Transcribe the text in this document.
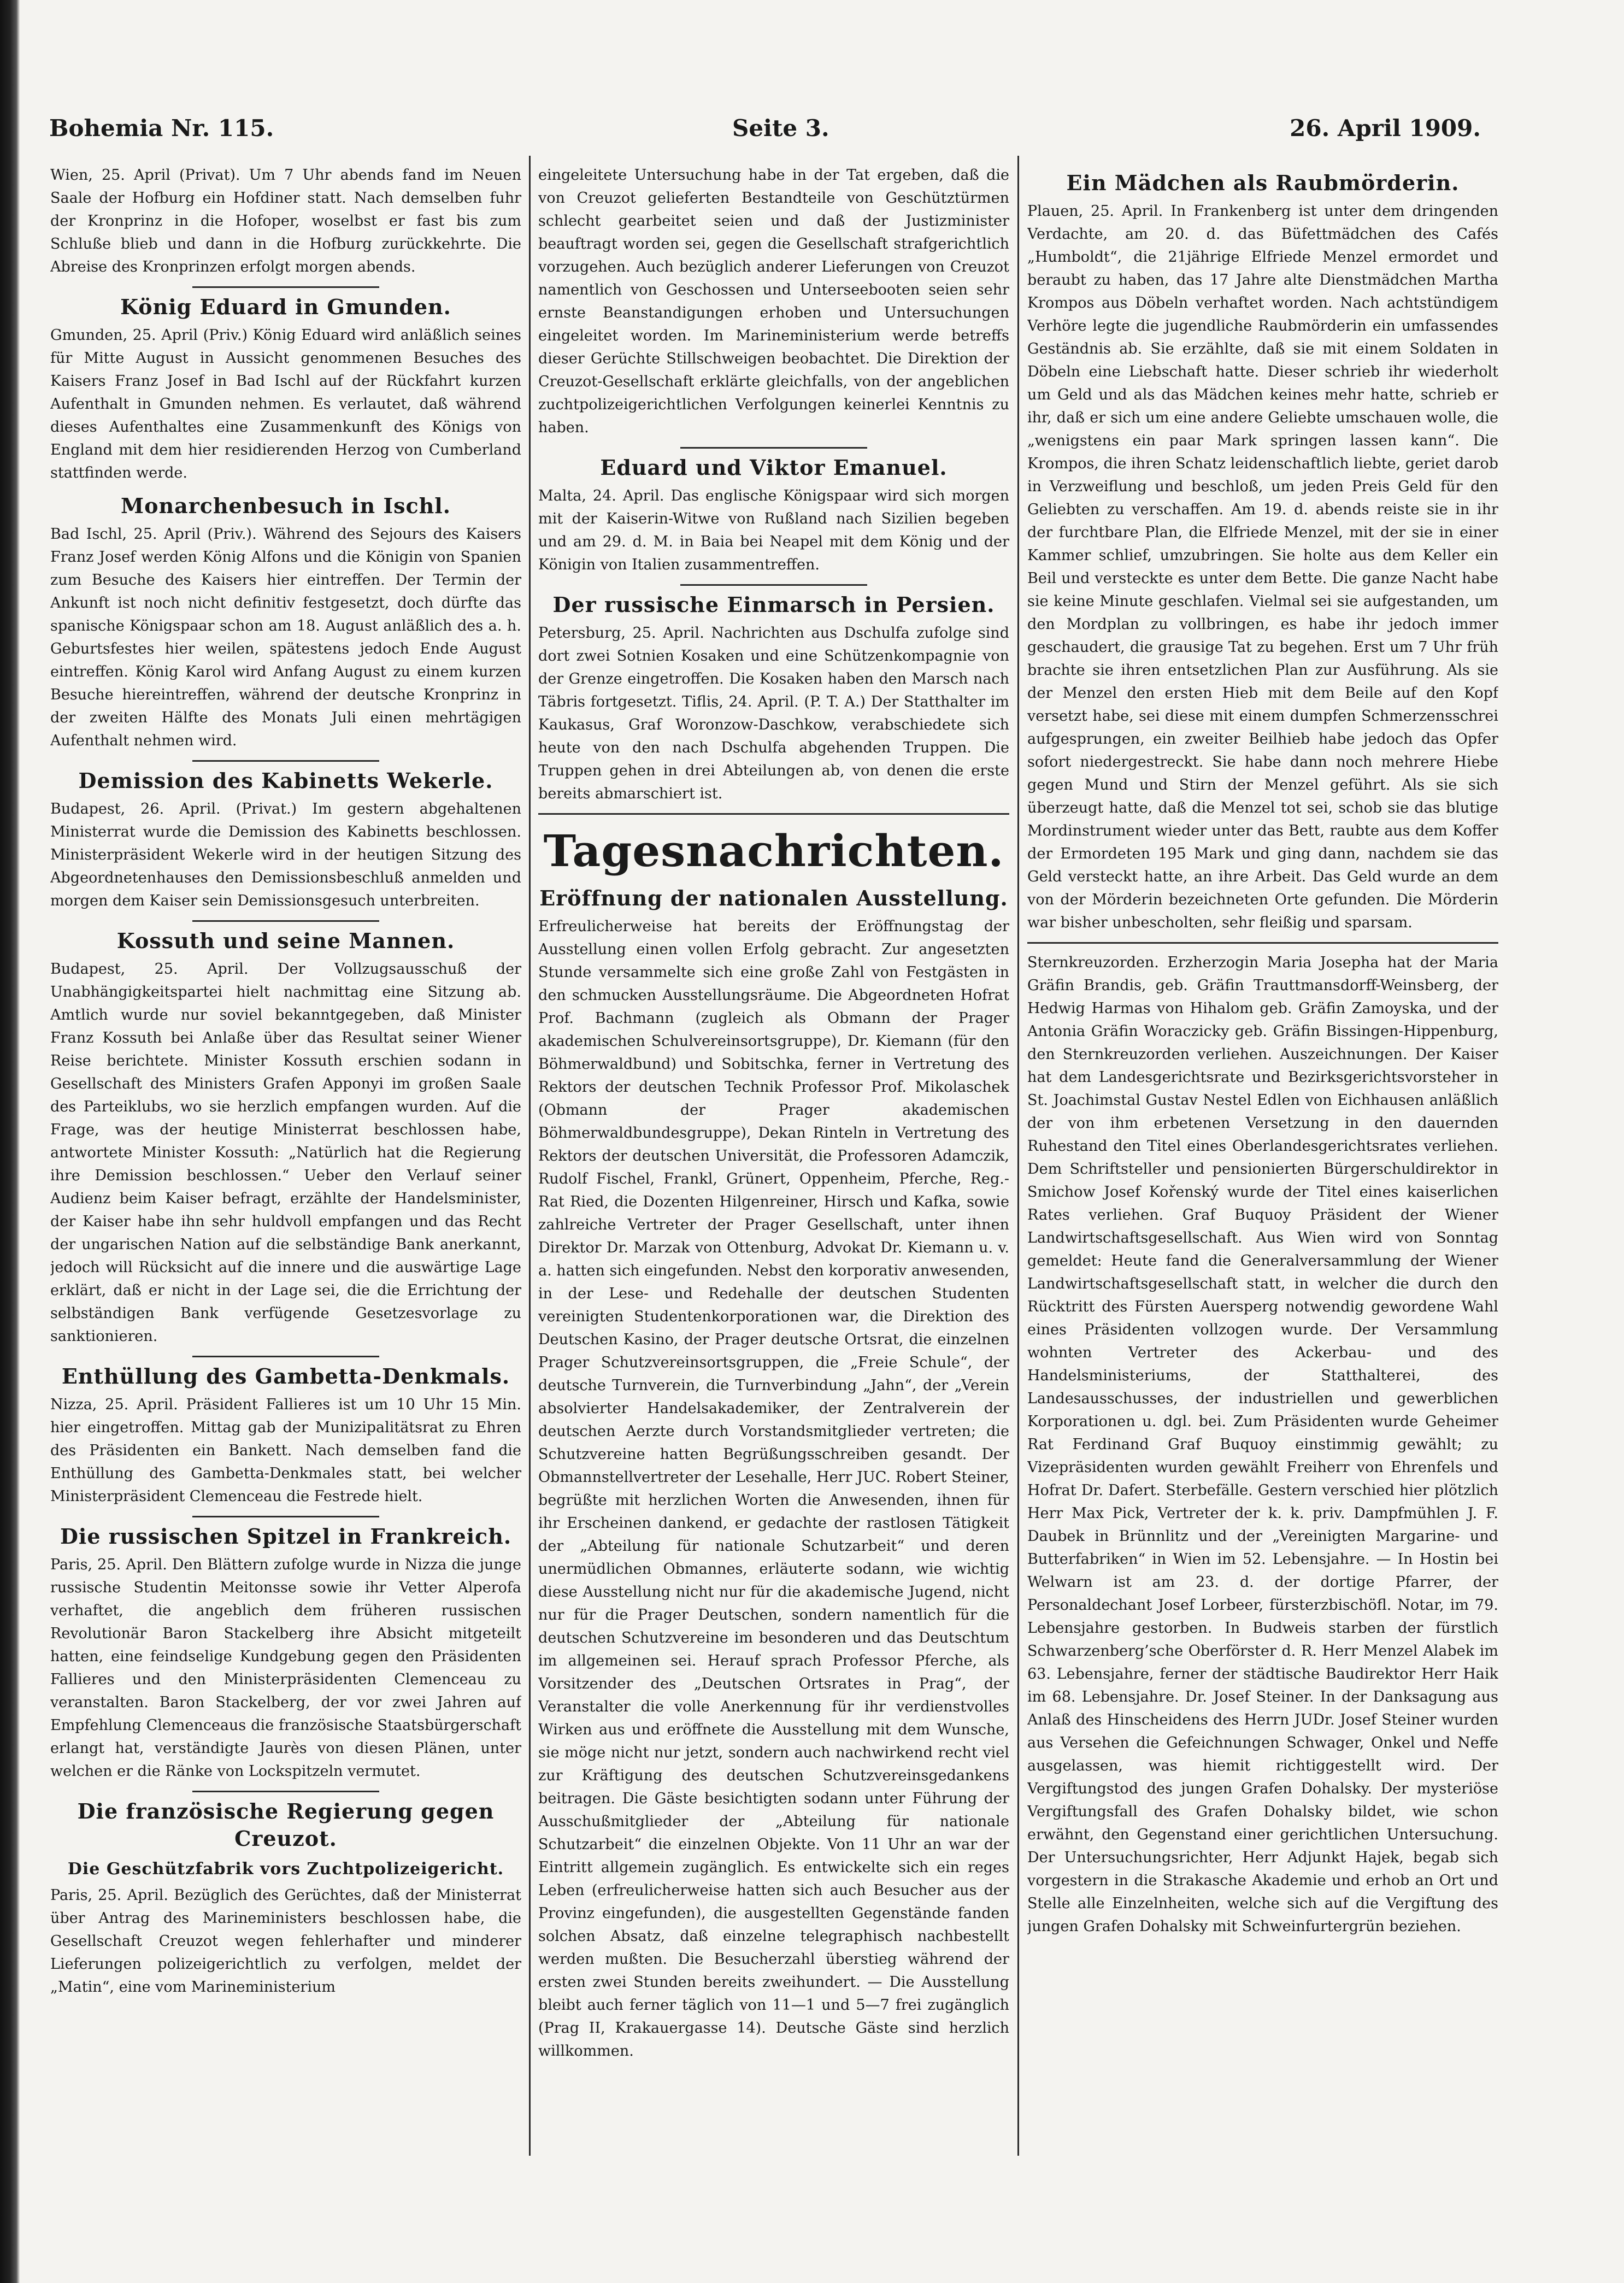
Bohemia Nr. 115.	Seite 3.	26. April 1909.

Wien, 25. April (Privat). Um 7 Uhr abends fand im Neuen Saale der Hofburg ein Hofdiner statt. Nach demselben fuhr der Kronprinz in die Hofoper, woselbst er fast bis zum Schluße blieb und dann in die Hofburg zurückkehrte. Die Abreise des Kronprinzen erfolgt morgen abends.

König Eduard in Gmunden.

Gmunden, 25. April (Priv.) König Eduard wird anläßlich seines für Mitte August in Aussicht genommenen Besuches des Kaisers Franz Josef in Bad Ischl auf der Rückfahrt kurzen Aufenthalt in Gmunden nehmen. Es verlautet, daß während dieses Aufenthaltes eine Zusammenkunft des Königs von England mit dem hier residierenden Herzog von Cumberland stattfinden werde.

Monarchenbesuch in Ischl.

Bad Ischl, 25. April (Priv.). Während des Sejours des Kaisers Franz Josef werden König Alfons und die Königin von Spanien zum Besuche des Kaisers hier eintreffen. Der Termin der Ankunft ist noch nicht definitiv festgesetzt, doch dürfte das spanische Königspaar schon am 18. August anläßlich des a. h. Geburtsfestes hier weilen, spätestens jedoch Ende August eintreffen. König Karol wird Anfang August zu einem kurzen Besuche hiereintreffen, während der deutsche Kronprinz in der zweiten Hälfte des Monats Juli einen mehrtägigen Aufenthalt nehmen wird.

Demission des Kabinetts Wekerle.

Budapest, 26. April. (Privat.) Im gestern abgehaltenen Ministerrat wurde die Demission des Kabinetts beschlossen. Ministerpräsident Wekerle wird in der heutigen Sitzung des Abgeordnetenhauses den Demissionsbeschluß anmelden und morgen dem Kaiser sein Demissionsgesuch unterbreiten.

Kossuth und seine Mannen.

Budapest, 25. April. Der Vollzugsausschuß der Unabhängigkeitspartei hielt nachmittag eine Sitzung ab. Amtlich wurde nur soviel bekanntgegeben, daß Minister Franz Kossuth bei Anlaße über das Resultat seiner Wiener Reise berichtete. Minister Kossuth erschien sodann in Gesellschaft des Ministers Grafen Apponyi im großen Saale des Parteiklubs, wo sie herzlich empfangen wurden. Auf die Frage, was der heutige Ministerrat beschlossen habe, antwortete Minister Kossuth: „Natürlich hat die Regierung ihre Demission beschlossen.“ Ueber den Verlauf seiner Audienz beim Kaiser befragt, erzählte der Handelsminister, der Kaiser habe ihn sehr huldvoll empfangen und das Recht der ungarischen Nation auf die selbständige Bank anerkannt, jedoch will Rücksicht auf die innere und die auswärtige Lage erklärt, daß er nicht in der Lage sei, die die Errichtung der selbständigen Bank verfügende Gesetzesvorlage zu sanktionieren.

Enthüllung des Gambetta-Denkmals.

Nizza, 25. April. Präsident Fallieres ist um 10 Uhr 15 Min. hier eingetroffen. Mittag gab der Munizipalitätsrat zu Ehren des Präsidenten ein Bankett. Nach demselben fand die Enthüllung des Gambetta-Denkmales statt, bei welcher Ministerpräsident Clemenceau die Festrede hielt.

Die russischen Spitzel in Frankreich.

Paris, 25. April. Den Blättern zufolge wurde in Nizza die junge russische Studentin Meitonsse sowie ihr Vetter Alperofa verhaftet, die angeblich dem früheren russischen Revolutionär Baron Stackelberg ihre Absicht mitgeteilt hatten, eine feindselige Kundgebung gegen den Präsidenten Fallieres und den Ministerpräsidenten Clemenceau zu veranstalten. Baron Stackelberg, der vor zwei Jahren auf Empfehlung Clemenceaus die französische Staatsbürgerschaft erlangt hat, verständigte Jaurès von diesen Plänen, unter welchen er die Ränke von Lockspitzeln vermutet.

Die französische Regierung gegen Creuzot.
Die Geschützfabrik vors Zuchtpolizeigericht.

Paris, 25. April. Bezüglich des Gerüchtes, daß der Ministerrat über Antrag des Marineministers beschlossen habe, die Gesellschaft Creuzot wegen fehlerhafter und minderer Lieferungen polizeigerichtlich zu verfolgen, meldet der „Matin“, eine vom Marineministerium

eingeleitete Untersuchung habe in der Tat ergeben, daß die von Creuzot gelieferten Bestandteile von Geschütztürmen schlecht gearbeitet seien und daß der Justizminister beauftragt worden sei, gegen die Gesellschaft strafgerichtlich vorzugehen. Auch bezüglich anderer Lieferungen von Creuzot namentlich von Geschossen und Unterseebooten seien sehr ernste Beanstandigungen erhoben und Untersuchungen eingeleitet worden. Im Marineministerium werde betreffs dieser Gerüchte Stillschweigen beobachtet. Die Direktion der Creuzot-Gesellschaft erklärte gleichfalls, von der angeblichen zuchtpolizeigerichtlichen Verfolgungen keinerlei Kenntnis zu haben.

Eduard und Viktor Emanuel.

Malta, 24. April. Das englische Königspaar wird sich morgen mit der Kaiserin-Witwe von Rußland nach Sizilien begeben und am 29. d. M. in Baia bei Neapel mit dem König und der Königin von Italien zusammentreffen.

Der russische Einmarsch in Persien.

Petersburg, 25. April. Nachrichten aus Dschulfa zufolge sind dort zwei Sotnien Kosaken und eine Schützenkompagnie von der Grenze eingetroffen. Die Kosaken haben den Marsch nach Täbris fortgesetzt. Tiflis, 24. April. (P. T. A.) Der Statthalter im Kaukasus, Graf Woronzow-Daschkow, verabschiedete sich heute von den nach Dschulfa abgehenden Truppen. Die Truppen gehen in drei Abteilungen ab, von denen die erste bereits abmarschiert ist.

Tagesnachrichten.
Eröffnung der nationalen Ausstellung.

Erfreulicherweise hat bereits der Eröffnungstag der Ausstellung einen vollen Erfolg gebracht. Zur angesetzten Stunde versammelte sich eine große Zahl von Festgästen in den schmucken Ausstellungsräume. Die Abgeordneten Hofrat Prof. Bachmann (zugleich als Obmann der Prager akademischen Schulvereinsortsgruppe), Dr. Kiemann (für den Böhmerwaldbund) und Sobitschka, ferner in Vertretung des Rektors der deutschen Technik Professor Prof. Mikolaschek (Obmann der Prager akademischen Böhmerwaldbundesgruppe), Dekan Rinteln in Vertretung des Rektors der deutschen Universität, die Professoren Adamczik, Rudolf Fischel, Frankl, Grünert, Oppenheim, Pferche, Reg.-Rat Ried, die Dozenten Hilgenreiner, Hirsch und Kafka, sowie zahlreiche Vertreter der Prager Gesellschaft, unter ihnen Direktor Dr. Marzak von Ottenburg, Advokat Dr. Kiemann u. v. a. hatten sich eingefunden. Nebst den korporativ anwesenden, in der Lese- und Redehalle der deutschen Studenten vereinigten Studentenkorporationen war, die Direktion des Deutschen Kasino, der Prager deutsche Ortsrat, die einzelnen Prager Schutzvereinsortsgruppen, die „Freie Schule“, der deutsche Turnverein, die Turnverbindung „Jahn“, der „Verein absolvierter Handelsakademiker, der Zentralverein der deutschen Aerzte durch Vorstandsmitglieder vertreten; die Schutzvereine hatten Begrüßungsschreiben gesandt. Der Obmannstellvertreter der Lesehalle, Herr JUC. Robert Steiner, begrüßte mit herzlichen Worten die Anwesenden, ihnen für ihr Erscheinen dankend, er gedachte der rastlosen Tätigkeit der „Abteilung für nationale Schutzarbeit“ und deren unermüdlichen Obmannes, erläuterte sodann, wie wichtig diese Ausstellung nicht nur für die akademische Jugend, nicht nur für die Prager Deutschen, sondern namentlich für die deutschen Schutzvereine im besonderen und das Deutschtum im allgemeinen sei. Herauf sprach Professor Pferche, als Vorsitzender des „Deutschen Ortsrates in Prag“, der Veranstalter die volle Anerkennung für ihr verdienstvolles Wirken aus und eröffnete die Ausstellung mit dem Wunsche, sie möge nicht nur jetzt, sondern auch nachwirkend recht viel zur Kräftigung des deutschen Schutzvereinsgedankens beitragen. Die Gäste besichtigten sodann unter Führung der Ausschußmitglieder der „Abteilung für nationale Schutzarbeit“ die einzelnen Objekte. Von 11 Uhr an war der Eintritt allgemein zugänglich. Es entwickelte sich ein reges Leben (erfreulicherweise hatten sich auch Besucher aus der Provinz eingefunden), die ausgestellten Gegenstände fanden solchen Absatz, daß einzelne telegraphisch nachbestellt werden mußten. Die Besucherzahl überstieg während der ersten zwei Stunden bereits zweihundert. — Die Ausstellung bleibt auch ferner täglich von 11—1 und 5—7 frei zugänglich (Prag II, Krakauergasse 14). Deutsche Gäste sind herzlich willkommen.

Ein Mädchen als Raubmörderin.

Plauen, 25. April. In Frankenberg ist unter dem dringenden Verdachte, am 20. d. das Büfettmädchen des Cafés „Humboldt“, die 21jährige Elfriede Menzel ermordet und beraubt zu haben, das 17 Jahre alte Dienstmädchen Martha Krompos aus Döbeln verhaftet worden. Nach achtstündigem Verhöre legte die jugendliche Raubmörderin ein umfassendes Geständnis ab. Sie erzählte, daß sie mit einem Soldaten in Döbeln eine Liebschaft hatte. Dieser schrieb ihr wiederholt um Geld und als das Mädchen keines mehr hatte, schrieb er ihr, daß er sich um eine andere Geliebte umschauen wolle, die „wenigstens ein paar Mark springen lassen kann“. Die Krompos, die ihren Schatz leidenschaftlich liebte, geriet darob in Verzweiflung und beschloß, um jeden Preis Geld für den Geliebten zu verschaffen. Am 19. d. abends reiste sie in ihr der furchtbare Plan, die Elfriede Menzel, mit der sie in einer Kammer schlief, umzubringen. Sie holte aus dem Keller ein Beil und versteckte es unter dem Bette. Die ganze Nacht habe sie keine Minute geschlafen. Vielmal sei sie aufgestanden, um den Mordplan zu vollbringen, es habe ihr jedoch immer geschaudert, die grausige Tat zu begehen. Erst um 7 Uhr früh brachte sie ihren entsetzlichen Plan zur Ausführung. Als sie der Menzel den ersten Hieb mit dem Beile auf den Kopf versetzt habe, sei diese mit einem dumpfen Schmerzensschrei aufgesprungen, ein zweiter Beilhieb habe jedoch das Opfer sofort niedergestreckt. Sie habe dann noch mehrere Hiebe gegen Mund und Stirn der Menzel geführt. Als sie sich überzeugt hatte, daß die Menzel tot sei, schob sie das blutige Mordinstrument wieder unter das Bett, raubte aus dem Koffer der Ermordeten 195 Mark und ging dann, nachdem sie das Geld versteckt hatte, an ihre Arbeit. Das Geld wurde an dem von der Mörderin bezeichneten Orte gefunden. Die Mörderin war bisher unbescholten, sehr fleißig und sparsam.

Sternkreuzorden. Erzherzogin Maria Josepha hat der Maria Gräfin Brandis, geb. Gräfin Trauttmansdorff-Weinsberg, der Hedwig Harmas von Hihalom geb. Gräfin Zamoyska, und der Antonia Gräfin Woraczicky geb. Gräfin Bissingen-Hippenburg, den Sternkreuzorden verliehen. Auszeichnungen. Der Kaiser hat dem Landesgerichtsrate und Bezirksgerichtsvorsteher in St. Joachimstal Gustav Nestel Edlen von Eichhausen anläßlich der von ihm erbetenen Versetzung in den dauernden Ruhestand den Titel eines Oberlandesgerichtsrates verliehen. Dem Schriftsteller und pensionierten Bürgerschuldirektor in Smichow Josef Kořenský wurde der Titel eines kaiserlichen Rates verliehen. Graf Buquoy Präsident der Wiener Landwirtschaftsgesellschaft. Aus Wien wird von Sonntag gemeldet: Heute fand die Generalversammlung der Wiener Landwirtschaftsgesellschaft statt, in welcher die durch den Rücktritt des Fürsten Auersperg notwendig gewordene Wahl eines Präsidenten vollzogen wurde. Der Versammlung wohnten Vertreter des Ackerbau- und des Handelsministeriums, der Statthalterei, des Landesausschusses, der industriellen und gewerblichen Korporationen u. dgl. bei. Zum Präsidenten wurde Geheimer Rat Ferdinand Graf Buquoy einstimmig gewählt; zu Vizepräsidenten wurden gewählt Freiherr von Ehrenfels und Hofrat Dr. Dafert. Sterbefälle. Gestern verschied hier plötzlich Herr Max Pick, Vertreter der k. k. priv. Dampfmühlen J. F. Daubek in Brünnlitz und der „Vereinigten Margarine- und Butterfabriken“ in Wien im 52. Lebensjahre. — In Hostin bei Welwarn ist am 23. d. der dortige Pfarrer, der Personaldechant Josef Lorbeer, fürsterzbischöfl. Notar, im 79. Lebensjahre gestorben. In Budweis starben der fürstlich Schwarzenberg’sche Oberförster d. R. Herr Menzel Alabek im 63. Lebensjahre, ferner der städtische Baudirektor Herr Haik im 68. Lebensjahre. Dr. Josef Steiner. In der Danksagung aus Anlaß des Hinscheidens des Herrn JUDr. Josef Steiner wurden aus Versehen die Gefeichnungen Schwager, Onkel und Neffe ausgelassen, was hiemit richtiggestellt wird. Der Vergiftungstod des jungen Grafen Dohalsky. Der mysteriöse Vergiftungsfall des Grafen Dohalsky bildet, wie schon erwähnt, den Gegenstand einer gerichtlichen Untersuchung. Der Untersuchungsrichter, Herr Adjunkt Hajek, begab sich vorgestern in die Strakasche Akademie und erhob an Ort und Stelle alle Einzelnheiten, welche sich auf die Vergiftung des jungen Grafen Dohalsky mit Schweinfurtergrün beziehen.
